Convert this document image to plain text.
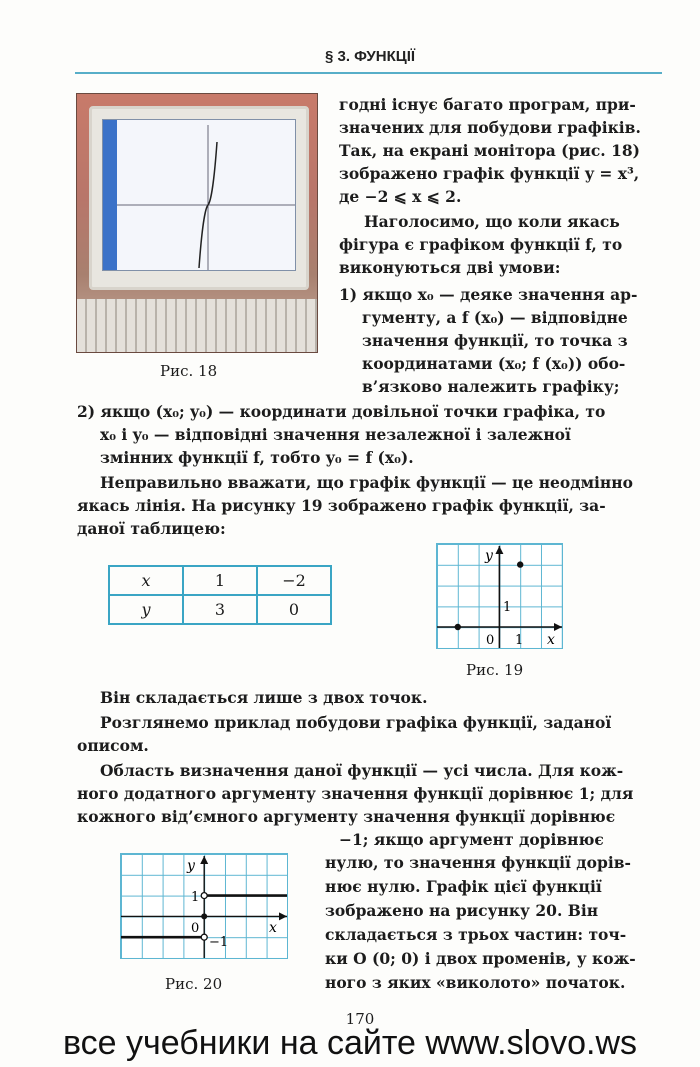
§ 3. ФУНКЦІЇ
Рис. 18
годні існує багато програм, при-
значених для побудови графіків.
Так, на екрані монітора (рис. 18)
зображено графік функції y = x³,
де −2 ⩽ x ⩽ 2.
Наголосимо, що коли якась
фігура є графіком функції f, то
виконуються дві умови:
1) якщо x₀ — деяке значення ар-
гументу, а f (x₀) — відповідне
значення функції, то точка з
координатами (x₀; f (x₀)) обо-
в’язково належить графіку;
2) якщо (x₀; y₀) — координати довільної точки графіка, то
x₀ і y₀ — відповідні значення незалежної і залежної
змінних функції f, тобто y₀ = f (x₀).
Неправильно вважати, що графік функції — це неодмінно
якась лінія. На рисунку 19 зображено графік функції, за-
даної таблицею:
x	1	−2
y	3	0
y
x
0 1
1
Рис. 19
Він складається лише з двох точок.
Розглянемо приклад побудови графіка функції, заданої
описом.
Область визначення даної функції — усі числа. Для кож-
ного додатного аргументу значення функції дорівнює 1; для
кожного від’ємного аргументу значення функції дорівнює
−1; якщо аргумент дорівнює
нулю, то значення функції дорів-
нює нулю. Графік цієї функції
зображено на рисунку 20. Він
складається з трьох частин: точ-
ки O (0; 0) і двох променів, у кож-
ного з яких «виколото» початок.
y
x
0
1
−1
Рис. 20
170
все учебники на сайте www.slovo.ws
